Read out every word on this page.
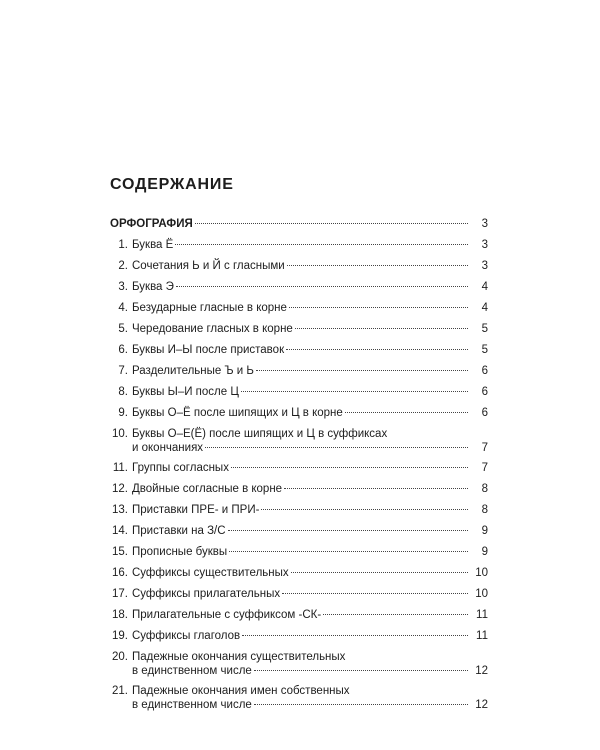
СОДЕРЖАНИЕ
ОРФОГРАФИЯ	3
1. Буква Ё	3
2. Сочетания Ь и Й с гласными	3
3. Буква Э	4
4. Безударные гласные в корне	4
5. Чередование гласных в корне	5
6. Буквы И–Ы после приставок	5
7. Разделительные Ъ и Ь	6
8. Буквы Ы–И после Ц	6
9. Буквы О–Ё после шипящих и Ц в корне	6
10. Буквы О–Е(Ё) после шипящих и Ц в суффиксах
и окончаниях	7
11. Группы согласных	7
12. Двойные согласные в корне	8
13. Приставки ПРЕ- и ПРИ-	8
14. Приставки на З/С	9
15. Прописные буквы	9
16. Суффиксы существительных	10
17. Суффиксы прилагательных	10
18. Прилагательные с суффиксом -СК-	11
19. Суффиксы глаголов	11
20. Падежные окончания существительных
в единственном числе	12
21. Падежные окончания имен собственных
в единственном числе	12
